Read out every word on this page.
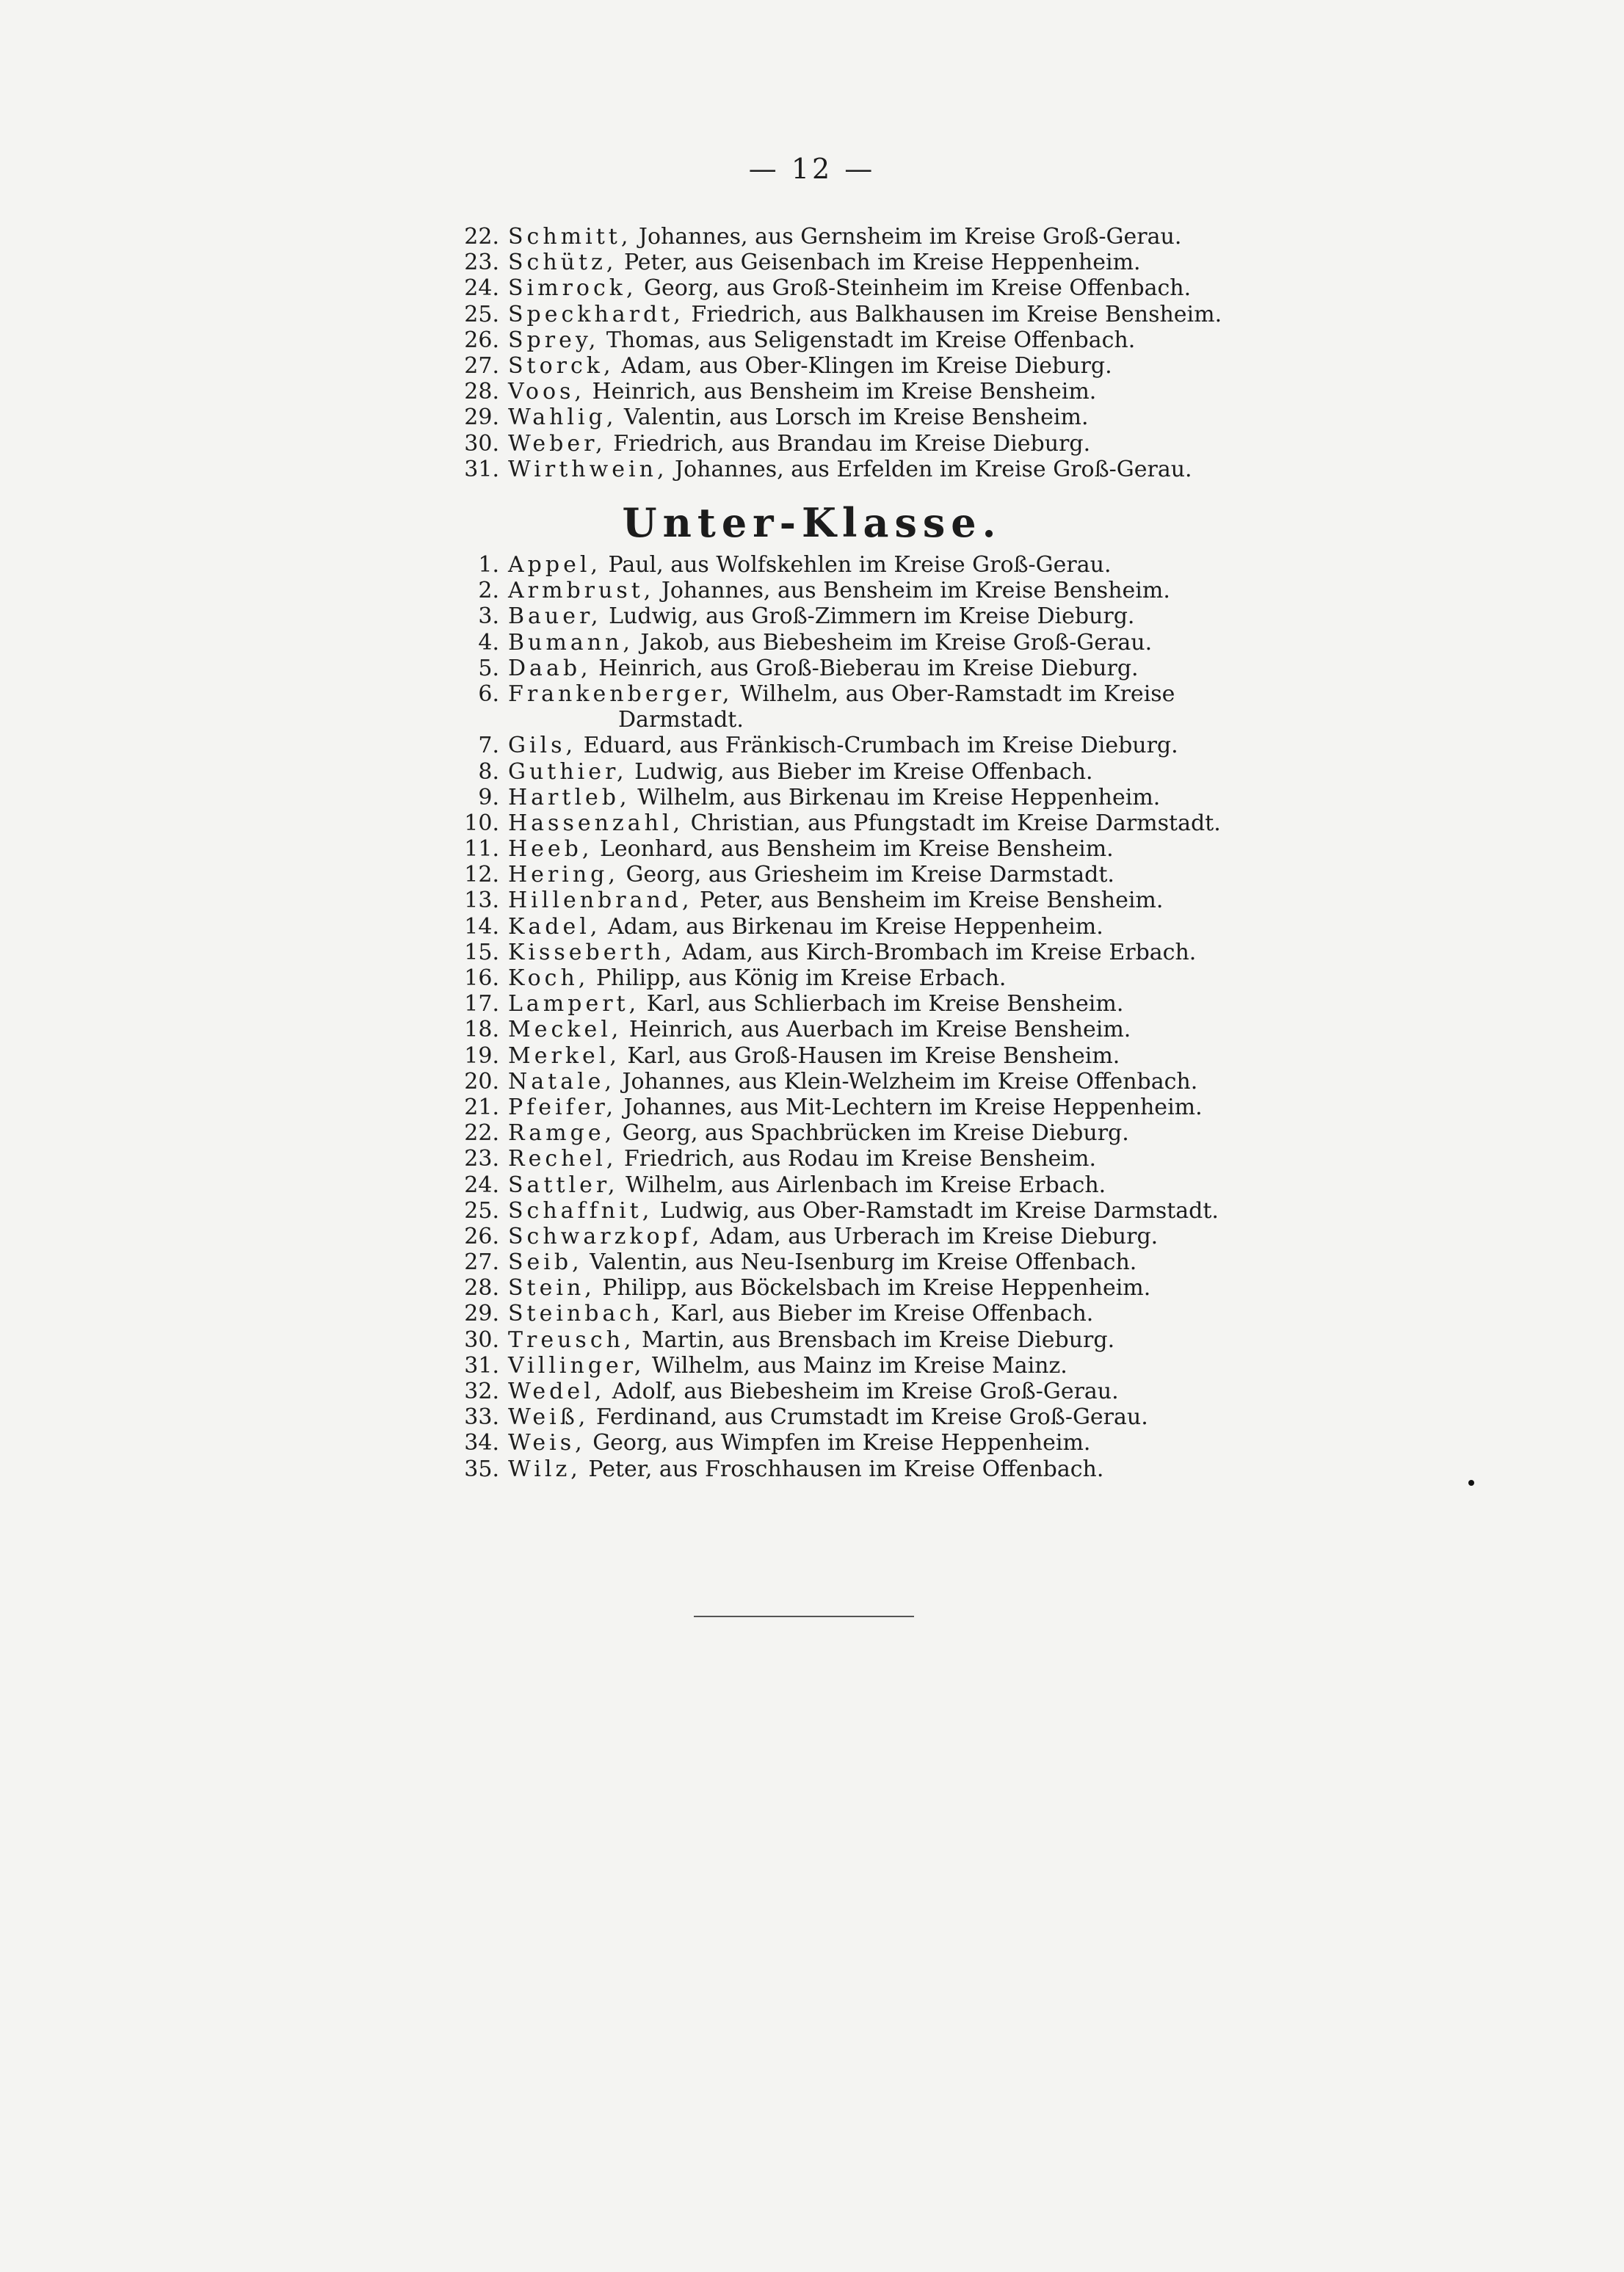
— 12 —
22. Schmitt, Johannes, aus Gernsheim im Kreise Groß-Gerau.
23. Schütz, Peter, aus Geisenbach im Kreise Heppenheim.
24. Simrock, Georg, aus Groß-Steinheim im Kreise Offenbach.
25. Speckhardt, Friedrich, aus Balkhausen im Kreise Bensheim.
26. Sprey, Thomas, aus Seligenstadt im Kreise Offenbach.
27. Storck, Adam, aus Ober-Klingen im Kreise Dieburg.
28. Voos, Heinrich, aus Bensheim im Kreise Bensheim.
29. Wahlig, Valentin, aus Lorsch im Kreise Bensheim.
30. Weber, Friedrich, aus Brandau im Kreise Dieburg.
31. Wirthwein, Johannes, aus Erfelden im Kreise Groß-Gerau.
Unter-Klasse.
1. Appel, Paul, aus Wolfskehlen im Kreise Groß-Gerau.
2. Armbrust, Johannes, aus Bensheim im Kreise Bensheim.
3. Bauer, Ludwig, aus Groß-Zimmern im Kreise Dieburg.
4. Bumann, Jakob, aus Biebesheim im Kreise Groß-Gerau.
5. Daab, Heinrich, aus Groß-Bieberau im Kreise Dieburg.
6. Frankenberger, Wilhelm, aus Ober-Ramstadt im Kreise
Darmstadt.
7. Gils, Eduard, aus Fränkisch-Crumbach im Kreise Dieburg.
8. Guthier, Ludwig, aus Bieber im Kreise Offenbach.
9. Hartleb, Wilhelm, aus Birkenau im Kreise Heppenheim.
10. Hassenzahl, Christian, aus Pfungstadt im Kreise Darmstadt.
11. Heeb, Leonhard, aus Bensheim im Kreise Bensheim.
12. Hering, Georg, aus Griesheim im Kreise Darmstadt.
13. Hillenbrand, Peter, aus Bensheim im Kreise Bensheim.
14. Kadel, Adam, aus Birkenau im Kreise Heppenheim.
15. Kisseberth, Adam, aus Kirch-Brombach im Kreise Erbach.
16. Koch, Philipp, aus König im Kreise Erbach.
17. Lampert, Karl, aus Schlierbach im Kreise Bensheim.
18. Meckel, Heinrich, aus Auerbach im Kreise Bensheim.
19. Merkel, Karl, aus Groß-Hausen im Kreise Bensheim.
20. Natale, Johannes, aus Klein-Welzheim im Kreise Offenbach.
21. Pfeifer, Johannes, aus Mit-Lechtern im Kreise Heppenheim.
22. Ramge, Georg, aus Spachbrücken im Kreise Dieburg.
23. Rechel, Friedrich, aus Rodau im Kreise Bensheim.
24. Sattler, Wilhelm, aus Airlenbach im Kreise Erbach.
25. Schaffnit, Ludwig, aus Ober-Ramstadt im Kreise Darmstadt.
26. Schwarzkopf, Adam, aus Urberach im Kreise Dieburg.
27. Seib, Valentin, aus Neu-Isenburg im Kreise Offenbach.
28. Stein, Philipp, aus Böckelsbach im Kreise Heppenheim.
29. Steinbach, Karl, aus Bieber im Kreise Offenbach.
30. Treusch, Martin, aus Brensbach im Kreise Dieburg.
31. Villinger, Wilhelm, aus Mainz im Kreise Mainz.
32. Wedel, Adolf, aus Biebesheim im Kreise Groß-Gerau.
33. Weiß, Ferdinand, aus Crumstadt im Kreise Groß-Gerau.
34. Weis, Georg, aus Wimpfen im Kreise Heppenheim.
35. Wilz, Peter, aus Froschhausen im Kreise Offenbach.
